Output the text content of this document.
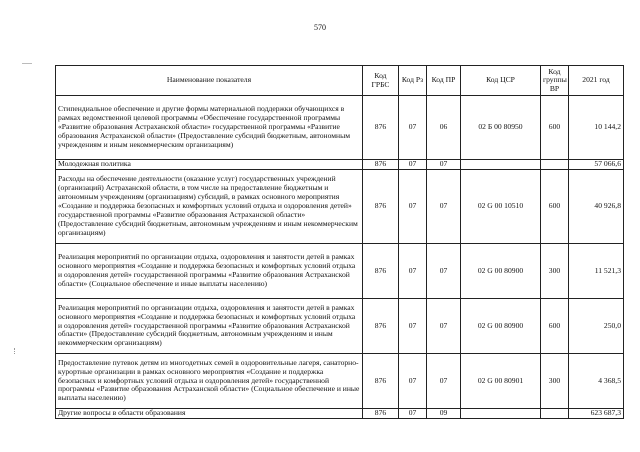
570
Наименование показателя	Код ГРБС	Код Рз	Код ПР	Код ЦСР	Код группы ВР	2021 год
Стипендиальное обеспечение и другие формы материальной поддержки обучающихся в рамках ведомственной целевой программы «Обеспечение государственной программы «Развитие образования Астраханской области» государственной программы «Развитие образования Астраханской области» (Предоставление субсидий бюджетным, автономным учреждениям и иным некоммерческим организациям)	876	07	06	02 Б 00 80950	600	10 144,2
Молодежная политика	876	07	07			57 066,6
Расходы на обеспечение деятельности (оказание услуг) государственных учреждений (организаций) Астраханской области, в том числе на предоставление бюджетным и автономным учреждениям (организациям) субсидий, в рамках основного мероприятия «Создание и поддержка безопасных и комфортных условий отдыха и оздоровления детей» государственной программы «Развитие образования Астраханской области» (Предоставление субсидий бюджетным, автономным учреждениям и иным некоммерческим организациям)	876	07	07	02 G 00 10510	600	40 926,8
Реализация мероприятий по организации отдыха, оздоровления и занятости детей в рамках основного мероприятия «Создание и поддержка безопасных и комфортных условий отдыха и оздоровления детей» государственной программы «Развитие образования Астраханской области» (Социальное обеспечение и иные выплаты населению)	876	07	07	02 G 00 80900	300	11 521,3
Реализация мероприятий по организации отдыха, оздоровления и занятости детей в рамках основного мероприятия «Создание и поддержка безопасных и комфортных условий отдыха и оздоровления детей» государственной программы «Развитие образования Астраханской области» (Предоставление субсидий бюджетным, автономным учреждениям и иным некоммерческим организациям)	876	07	07	02 G 00 80900	600	250,0
Предоставление путевок детям из многодетных семей в оздоровительные лагеря, санаторно-курортные организации в рамках основного мероприятия «Создание и поддержка безопасных и комфортных условий отдыха и оздоровления детей» государственной программы «Развитие образования Астраханской области» (Социальное обеспечение и иные выплаты населению)	876	07	07	02 G 00 80901	300	4 368,5
Другие вопросы в области образования	876	07	09			623 687,3
